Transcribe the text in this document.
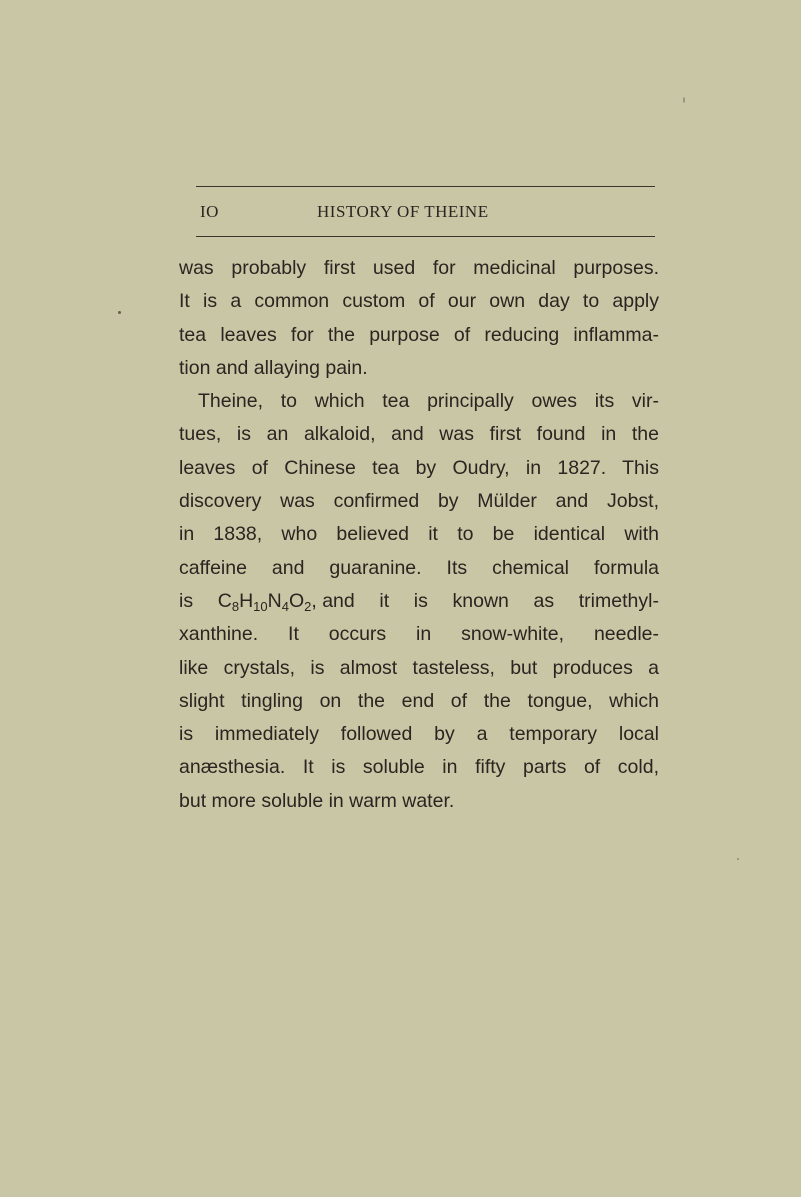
IO	HISTORY OF THEINE
was probably first used for medicinal purposes.
It is a common custom of our own day to apply
tea leaves for the purpose of reducing inflamma-
tion and allaying pain.
Theine, to which tea principally owes its vir-
tues, is an alkaloid, and was first found in the
leaves of Chinese tea by Oudry, in 1827. This
discovery was confirmed by Mülder and Jobst,
in 1838, who believed it to be identical with
caffeine and guaranine. Its chemical formula
is $C_8H_{10}N_4O_2$, and it is known as trimethyl-
xanthine. It occurs in snow-white, needle-
like crystals, is almost tasteless, but produces a
slight tingling on the end of the tongue, which
is immediately followed by a temporary local
anæsthesia. It is soluble in fifty parts of cold,
but more soluble in warm water.
